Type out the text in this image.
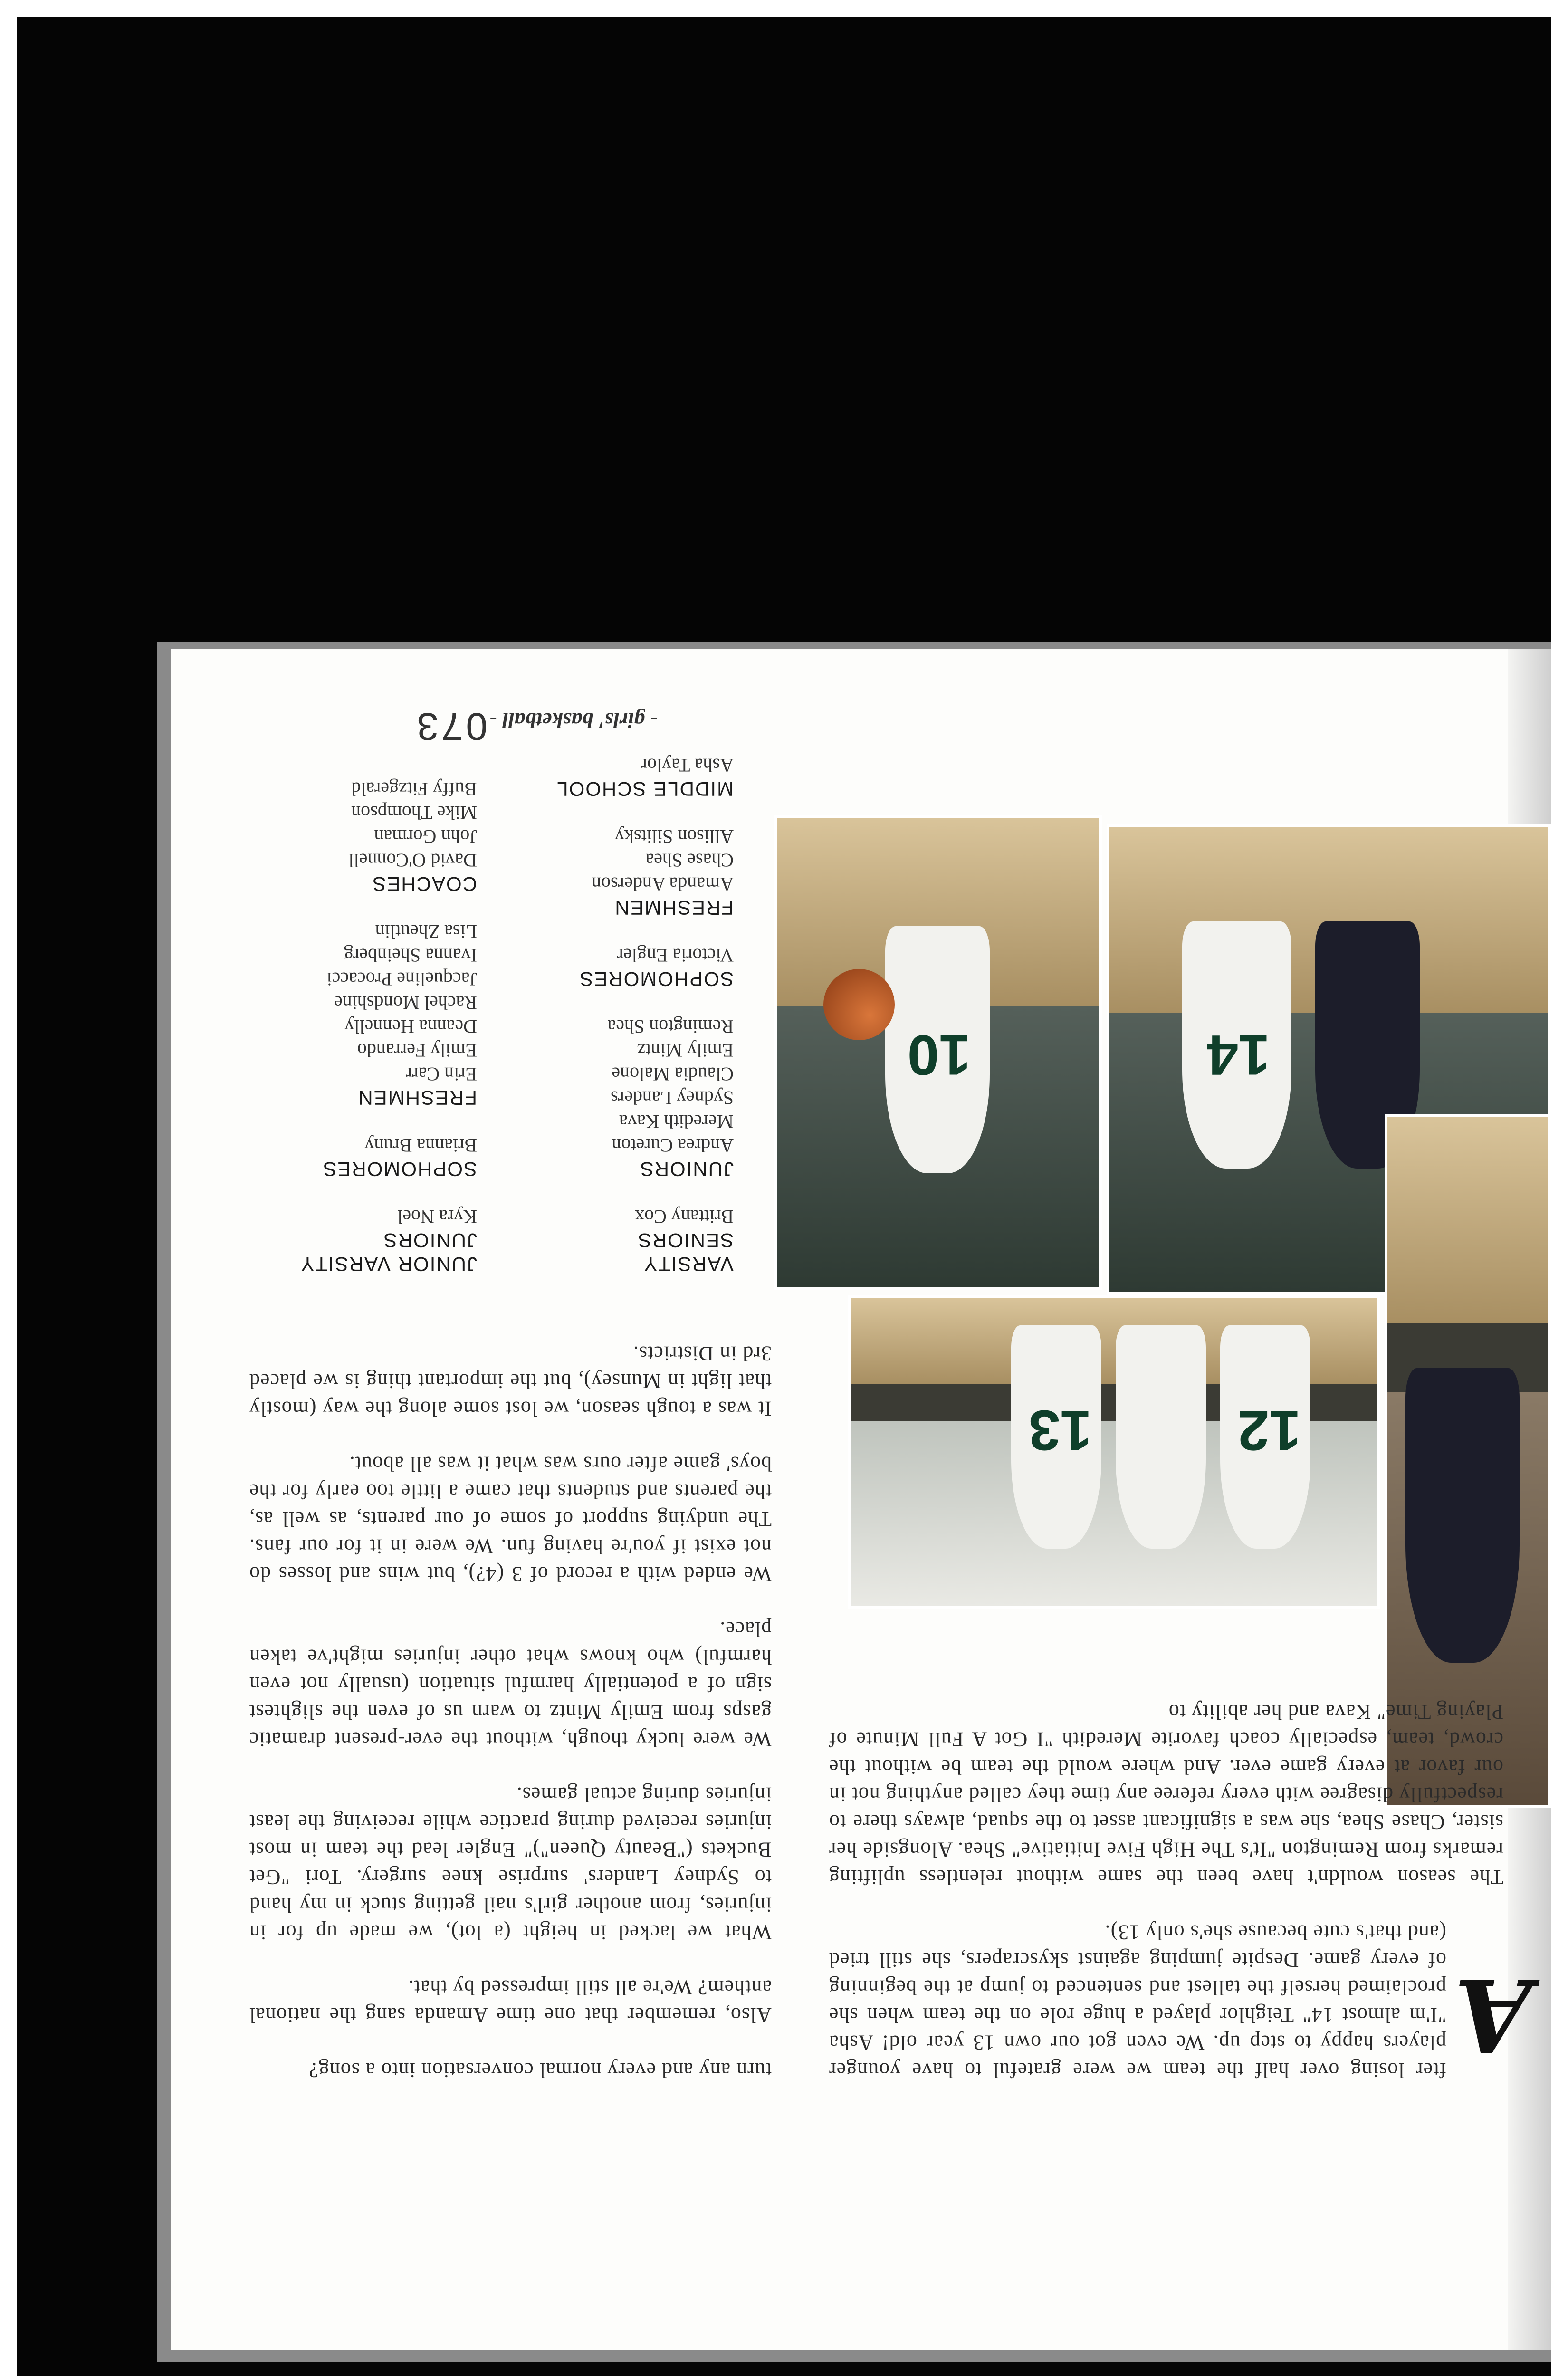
10	14
12
13
A

fter losing over half the team we were grateful to have younger players happy to step up. We even got our own 13 year old! Asha "I'm almost 14" Teighlor played a huge role on the team when she proclaimed herself the tallest and sentenced to jump at the beginning of every game. Despite jumping against skyscrapers, she still tried (and that's cute because she's only 13).

The season wouldn't have been the same without relentless uplifting remarks from Remington "It's The High Five Initiative" Shea. Alongside her sister, Chase Shea, she was a significant asset to the squad, always there to respectfully disagree with every referee any time they called anything not in our favor at every game ever. And where would the team be without the crowd, team, especially coach favorite Meredith "I Got A Full Minute of Playing Time" Kava and her ability to

turn any and every normal conversation into a song?

Also, remember that one time Amanda sang the national anthem? We're all still impressed by that.

What we lacked in height (a lot), we made up for in injuries, from another girl's nail getting stuck in my hand to Sydney Landers' surprise knee surgery. Tori "Get Buckets ("Beauty Queen")" Engler lead the team in most injuries received during practice while receiving the least injuries during actual games.

We were lucky though, without the ever-present dramatic gasps from Emily Mintz to warn us of even the slightest sign of a potentially harmful situation (usually not even harmful) who knows what other injuries might've taken place.

We ended with a record of 3 (4?), but wins and losses do not exist if you're having fun. We were in it for our fans. The undying support of some of our parents, as well as, the parents and students that came a little too early for the boys' game after ours was what it was all about.

It was a tough season, we lost some along the way (mostly that light in Munsey), but the important thing is we placed 3rd in Districts.

VARSITY

SENIORS

Brittany Cox

JUNIORS

Andrea Cureton

Meredith Kava

Sydney Landers

Claudia Malone

Emily Mintz

Remington Shea

SOPHOMORES

Victoria Engler

FRESHMEN

Amanda Anderson

Chase Shea

Allison Silitsky

MIDDLE SCHOOL

Asha Taylor

JUNIOR VARSITY

JUNIORS

Kyra Noel

SOPHOMORES

Brianna Bruny

FRESHMEN

Erin Carr

Emily Ferrando

Deanna Hennelly

Rachel Mondshine

Jacqueline Procacci

Ivanna Sheinberg

Lisa Zheutlin

COACHES

David O'Connell

John Gorman

Mike Thompson

Buffy Fitzgerald

- girls' basketball - 073
